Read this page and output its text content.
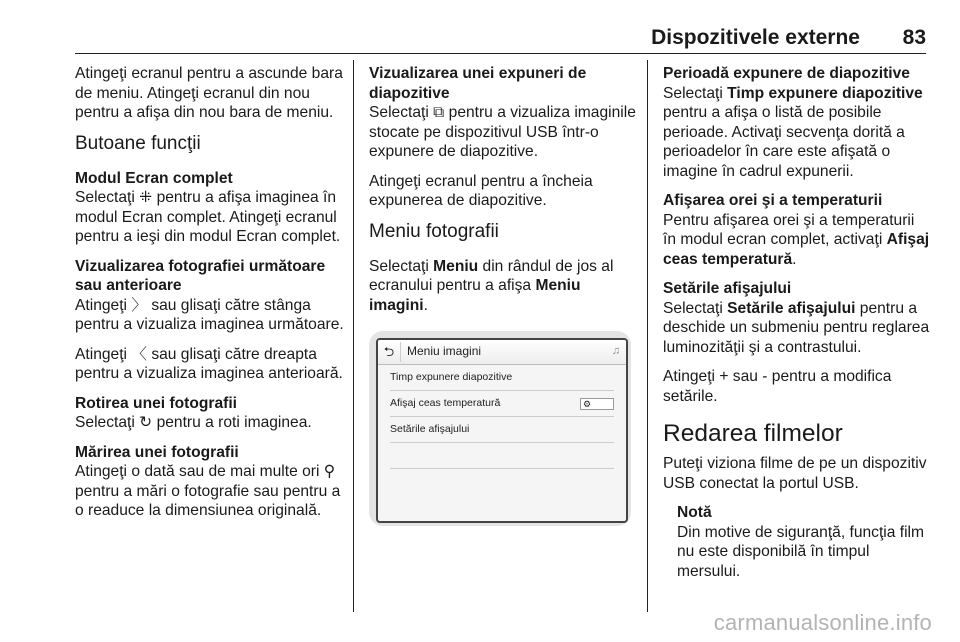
Dispozitivele externe 83

Atingeţi ecranul pentru a ascunde bara de meniu. Atingeţi ecranul din nou pentru a afişa din nou bara de meniu.

Butoane funcţii
Modul Ecran complet

Selectaţi ⁜ pentru a afişa imaginea în modul Ecran complet. Atingeţi ecranul pentru a ieşi din modul Ecran complet.

Vizualizarea fotografiei următoare sau anterioare

Atingeţi 〉 sau glisaţi către stânga pentru a vizualiza imaginea următoare.

Atingeţi 〈 sau glisaţi către dreapta pentru a vizualiza imaginea anterioară.

Rotirea unei fotografii

Selectaţi ↻ pentru a roti imaginea.

Mărirea unei fotografii

Atingeţi o dată sau de mai multe ori ⚲ pentru a mări o fotografie sau pentru a o readuce la dimensiunea originală.

Vizualizarea unei expuneri de diapozitive

Selectaţi ⧉ pentru a vizualiza imaginile stocate pe dispozitivul USB într-o expunere de diapozitive.

Atingeţi ecranul pentru a încheia expunerea de diapozitive.

Meniu fotografii

Selectaţi Meniu din rândul de jos al ecranului pentru a afişa Meniu imagini.

⮌	Meniu imagini	♫
Timp expunere diapozitive
Afişaj ceas temperatură	⚙
Setările afişajului
Perioadă expunere de diapozitive

Selectaţi Timp expunere diapozitive pentru a afişa o listă de posibile perioade. Activaţi secvenţa dorită a perioadelor în care este afişată o imagine în cadrul expunerii.

Afişarea orei şi a temperaturii

Pentru afişarea orei şi a temperaturii în modul ecran complet, activaţi Afişaj ceas temperatură.

Setările afişajului

Selectaţi Setările afişajului pentru a deschide un submeniu pentru reglarea luminozităţii şi a contrastului.

Atingeţi + sau - pentru a modifica setările.

Redarea filmelor

Puteţi viziona filme de pe un dispozitiv USB conectat la portul USB.

Notă
Din motive de siguranţă, funcţia film nu este disponibilă în timpul mersului.
carmanualsonline.info
